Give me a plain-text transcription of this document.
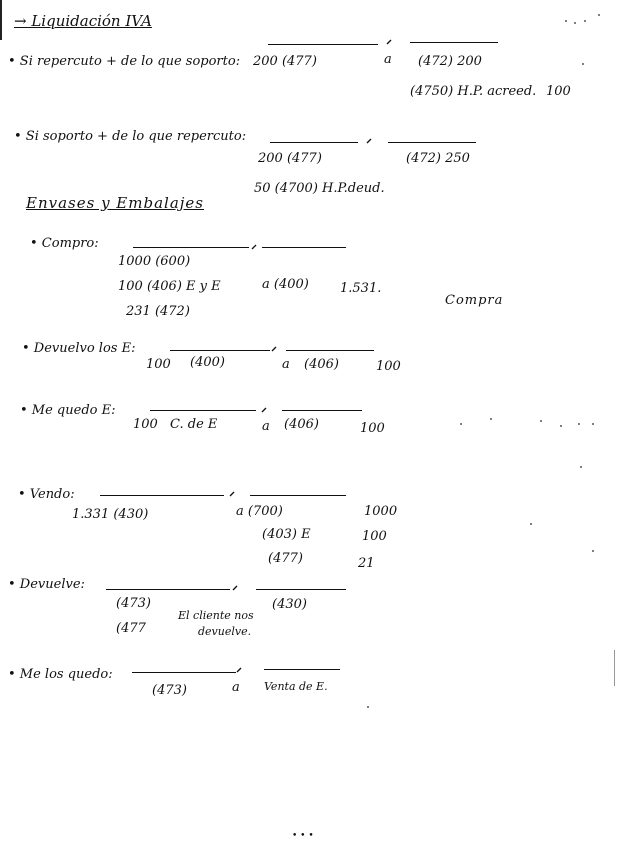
→ Liquidación IVA
• Si repercuto + de lo que soporto: 200 (477)	a (472) 200
(4750) H.P. acreed. 100
• Si soporto + de lo que repercuto:
200 (477)	(472) 250
50 (4700) H.P.deud.
Envases y Embalajes
• Compro:
1000 (600)
100 (406) E y E	a (400) 1.531.
231 (472)
Compra
• Devuelvo los E:
100 (400)	a (406)	100
• Me quedo E:
100 C. de E	a (406)	100
• Vendo:
1.331 (430)	a (700)	1000
(403) E	100
(477)	21
• Devuelve:
(473)	(430)
El cliente nos
(477	devuelve.
• Me los quedo:
(473)	a Venta de E.
• • •
